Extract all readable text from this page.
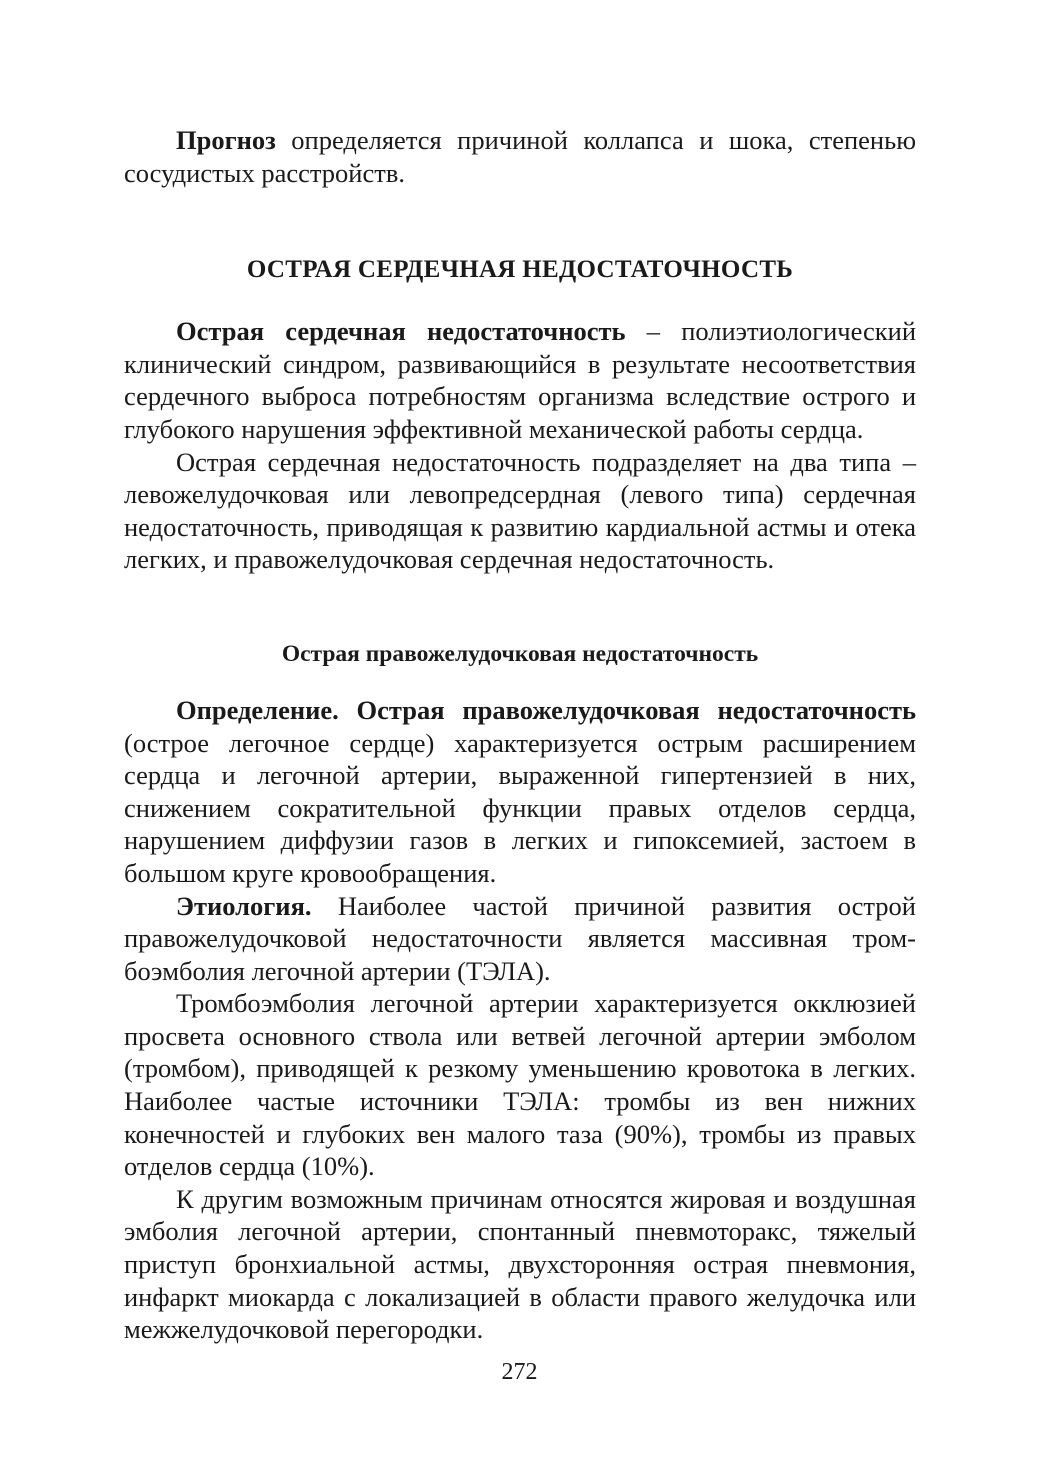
Прогноз определяется причиной коллапса и шока, степенью сосудистых расстройств.

ОСТРАЯ СЕРДЕЧНАЯ НЕДОСТАТОЧНОСТЬ

Острая сердечная недостаточность – полиэтиологический клинический синдром, развивающийся в результате несоответствия сердечного выброса потребностям организма вследствие острого и глубокого нарушения эффективной механической работы сердца.

Острая сердечная недостаточность подразделяет на два типа – левожелудочковая или левопредсердная (левого типа) сердечная недостаточность, приводящая к развитию кардиальной астмы и отека легких, и правожелудочковая сердечная недостаточность.

Острая правожелудочковая недостаточность

Определение. Острая правожелудочковая недостаточность (острое легочное сердце) характеризуется острым расширением сердца и легочной артерии, выраженной гипертензией в них, снижением сократительной функции правых отделов сердца, нарушением диффузии газов в легких и гипоксемией, застоем в большом круге кровообращения.

Этиология. Наиболее частой причиной развития острой правожелудочковой недостаточности является массивная тромбоэмболия легочной артерии (ТЭЛА).

Тромбоэмболия легочной артерии характеризуется окклюзией просвета основного ствола или ветвей легочной артерии эмболом (тромбом), приводящей к резкому уменьшению кровотока в легких. Наиболее частые источники ТЭЛА: тромбы из вен нижних конечностей и глубоких вен малого таза (90%), тромбы из правых отделов сердца (10%).

К другим возможным причинам относятся жировая и воздушная эмболия легочной артерии, спонтанный пневмоторакс, тяжелый приступ бронхиальной астмы, двухсторонняя острая пневмония, инфаркт миокарда с локализацией в области правого желудочка или межжелудочковой перегородки.

272
